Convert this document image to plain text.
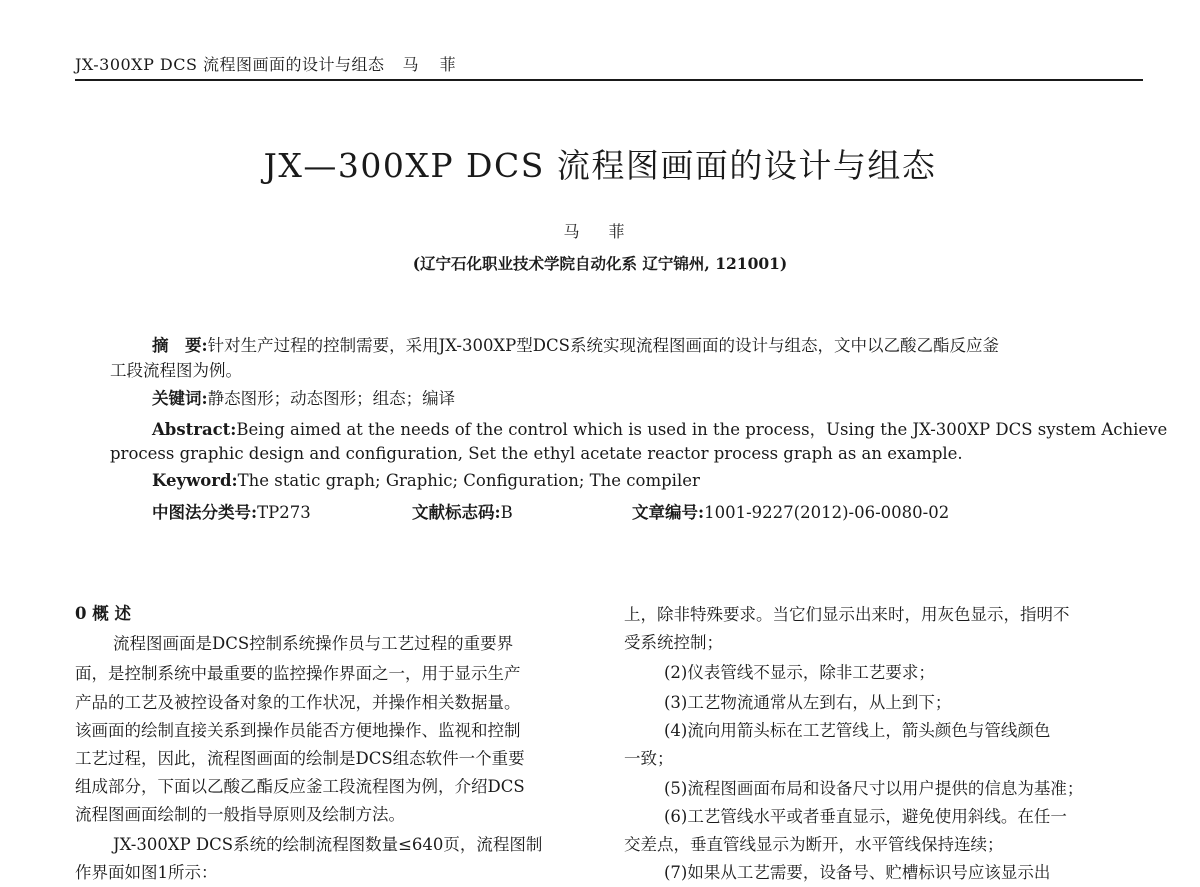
JX-300XP DCS 流程图画面的设计与组态 马 菲
JX—300XP DCS 流程图画面的设计与组态
马 菲
(辽宁石化职业技术学院自动化系 辽宁锦州, 121001)
摘　要:针对生产过程的控制需要，采用JX-300XP型DCS系统实现流程图画面的设计与组态，文中以乙酸乙酯反应釜
工段流程图为例。
关键词:静态图形；动态图形；组态；编译
Abstract:Being aimed at the needs of the control which is used in the process，Using the JX-300XP DCS system Achieve
process graphic design and configuration, Set the ethyl acetate reactor process graph as an example.
Keyword:The static graph; Graphic; Configuration; The compiler
中图法分类号:TP273	文献标志码:B	文章编号:1001-9227(2012)-06-0080-02
0 概 述
流程图画面是DCS控制系统操作员与工艺过程的重要界
面，是控制系统中最重要的监控操作界面之一，用于显示生产
产品的工艺及被控设备对象的工作状况，并操作相关数据量。
该画面的绘制直接关系到操作员能否方便地操作、监视和控制
工艺过程，因此，流程图画面的绘制是DCS组态软件一个重要
组成部分，下面以乙酸乙酯反应釜工段流程图为例，介绍DCS
流程图画面绘制的一般指导原则及绘制方法。
JX-300XP DCS系统的绘制流程图数量≤640页，流程图制
作界面如图1所示：
上，除非特殊要求。当它们显示出来时，用灰色显示，指明不
受系统控制；
(2)仪表管线不显示，除非工艺要求；
(3)工艺物流通常从左到右，从上到下；
(4)流向用箭头标在工艺管线上，箭头颜色与管线颜色
一致；
(5)流程图画面布局和设备尺寸以用户提供的信息为基准；
(6)工艺管线水平或者垂直显示，避免使用斜线。在任一
交差点，垂直管线显示为断开，水平管线保持连续；
(7)如果从工艺需要，设备号、贮槽标识号应该显示出
